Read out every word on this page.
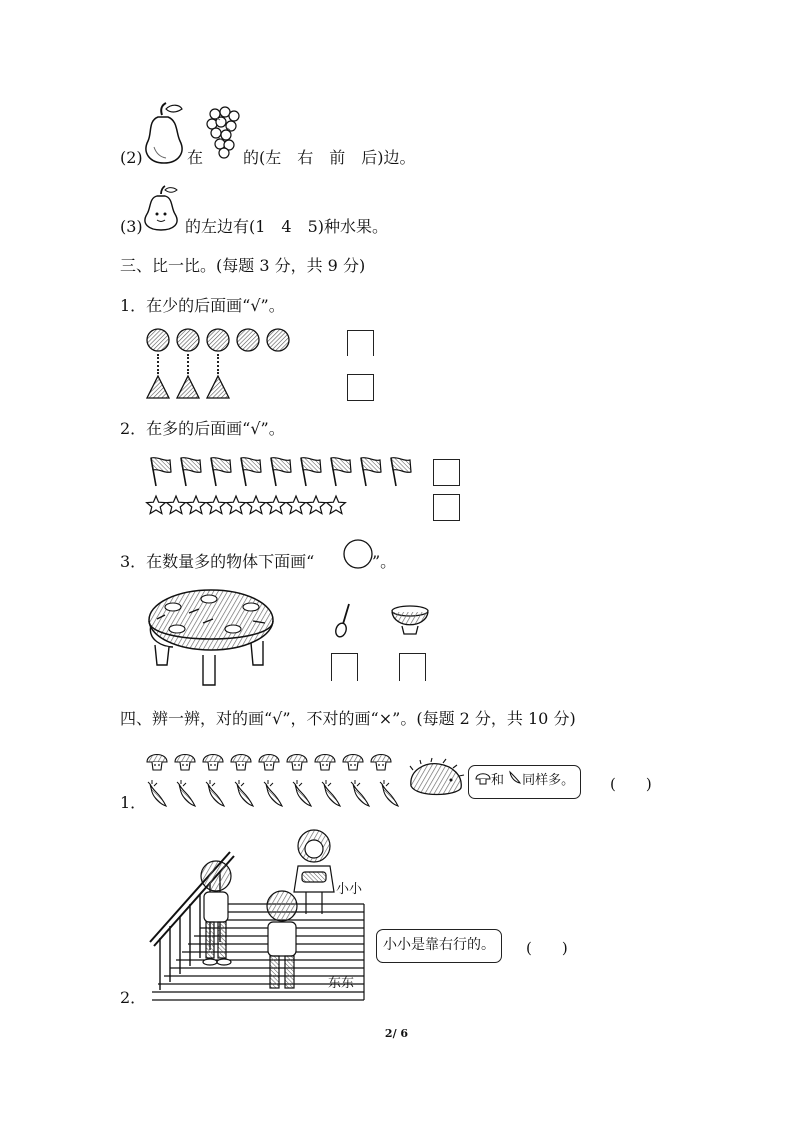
(2)	在 的(左　右　前　后)边。
(3)	的左边有(1　4　5)种水果。
三、比一比。(每题 3 分，共 9 分)
1．在少的后面画“√”。
2．在多的后面画“√”。
3．在数量多的物体下面画“	”。
四、辨一辨，对的画“√”，不对的画“×”。(每题 2 分，共 10 分)
1．
和 同样多。	(　　)
小小
东东
小小是靠右行的。	(　　)
2．
2/ 6
